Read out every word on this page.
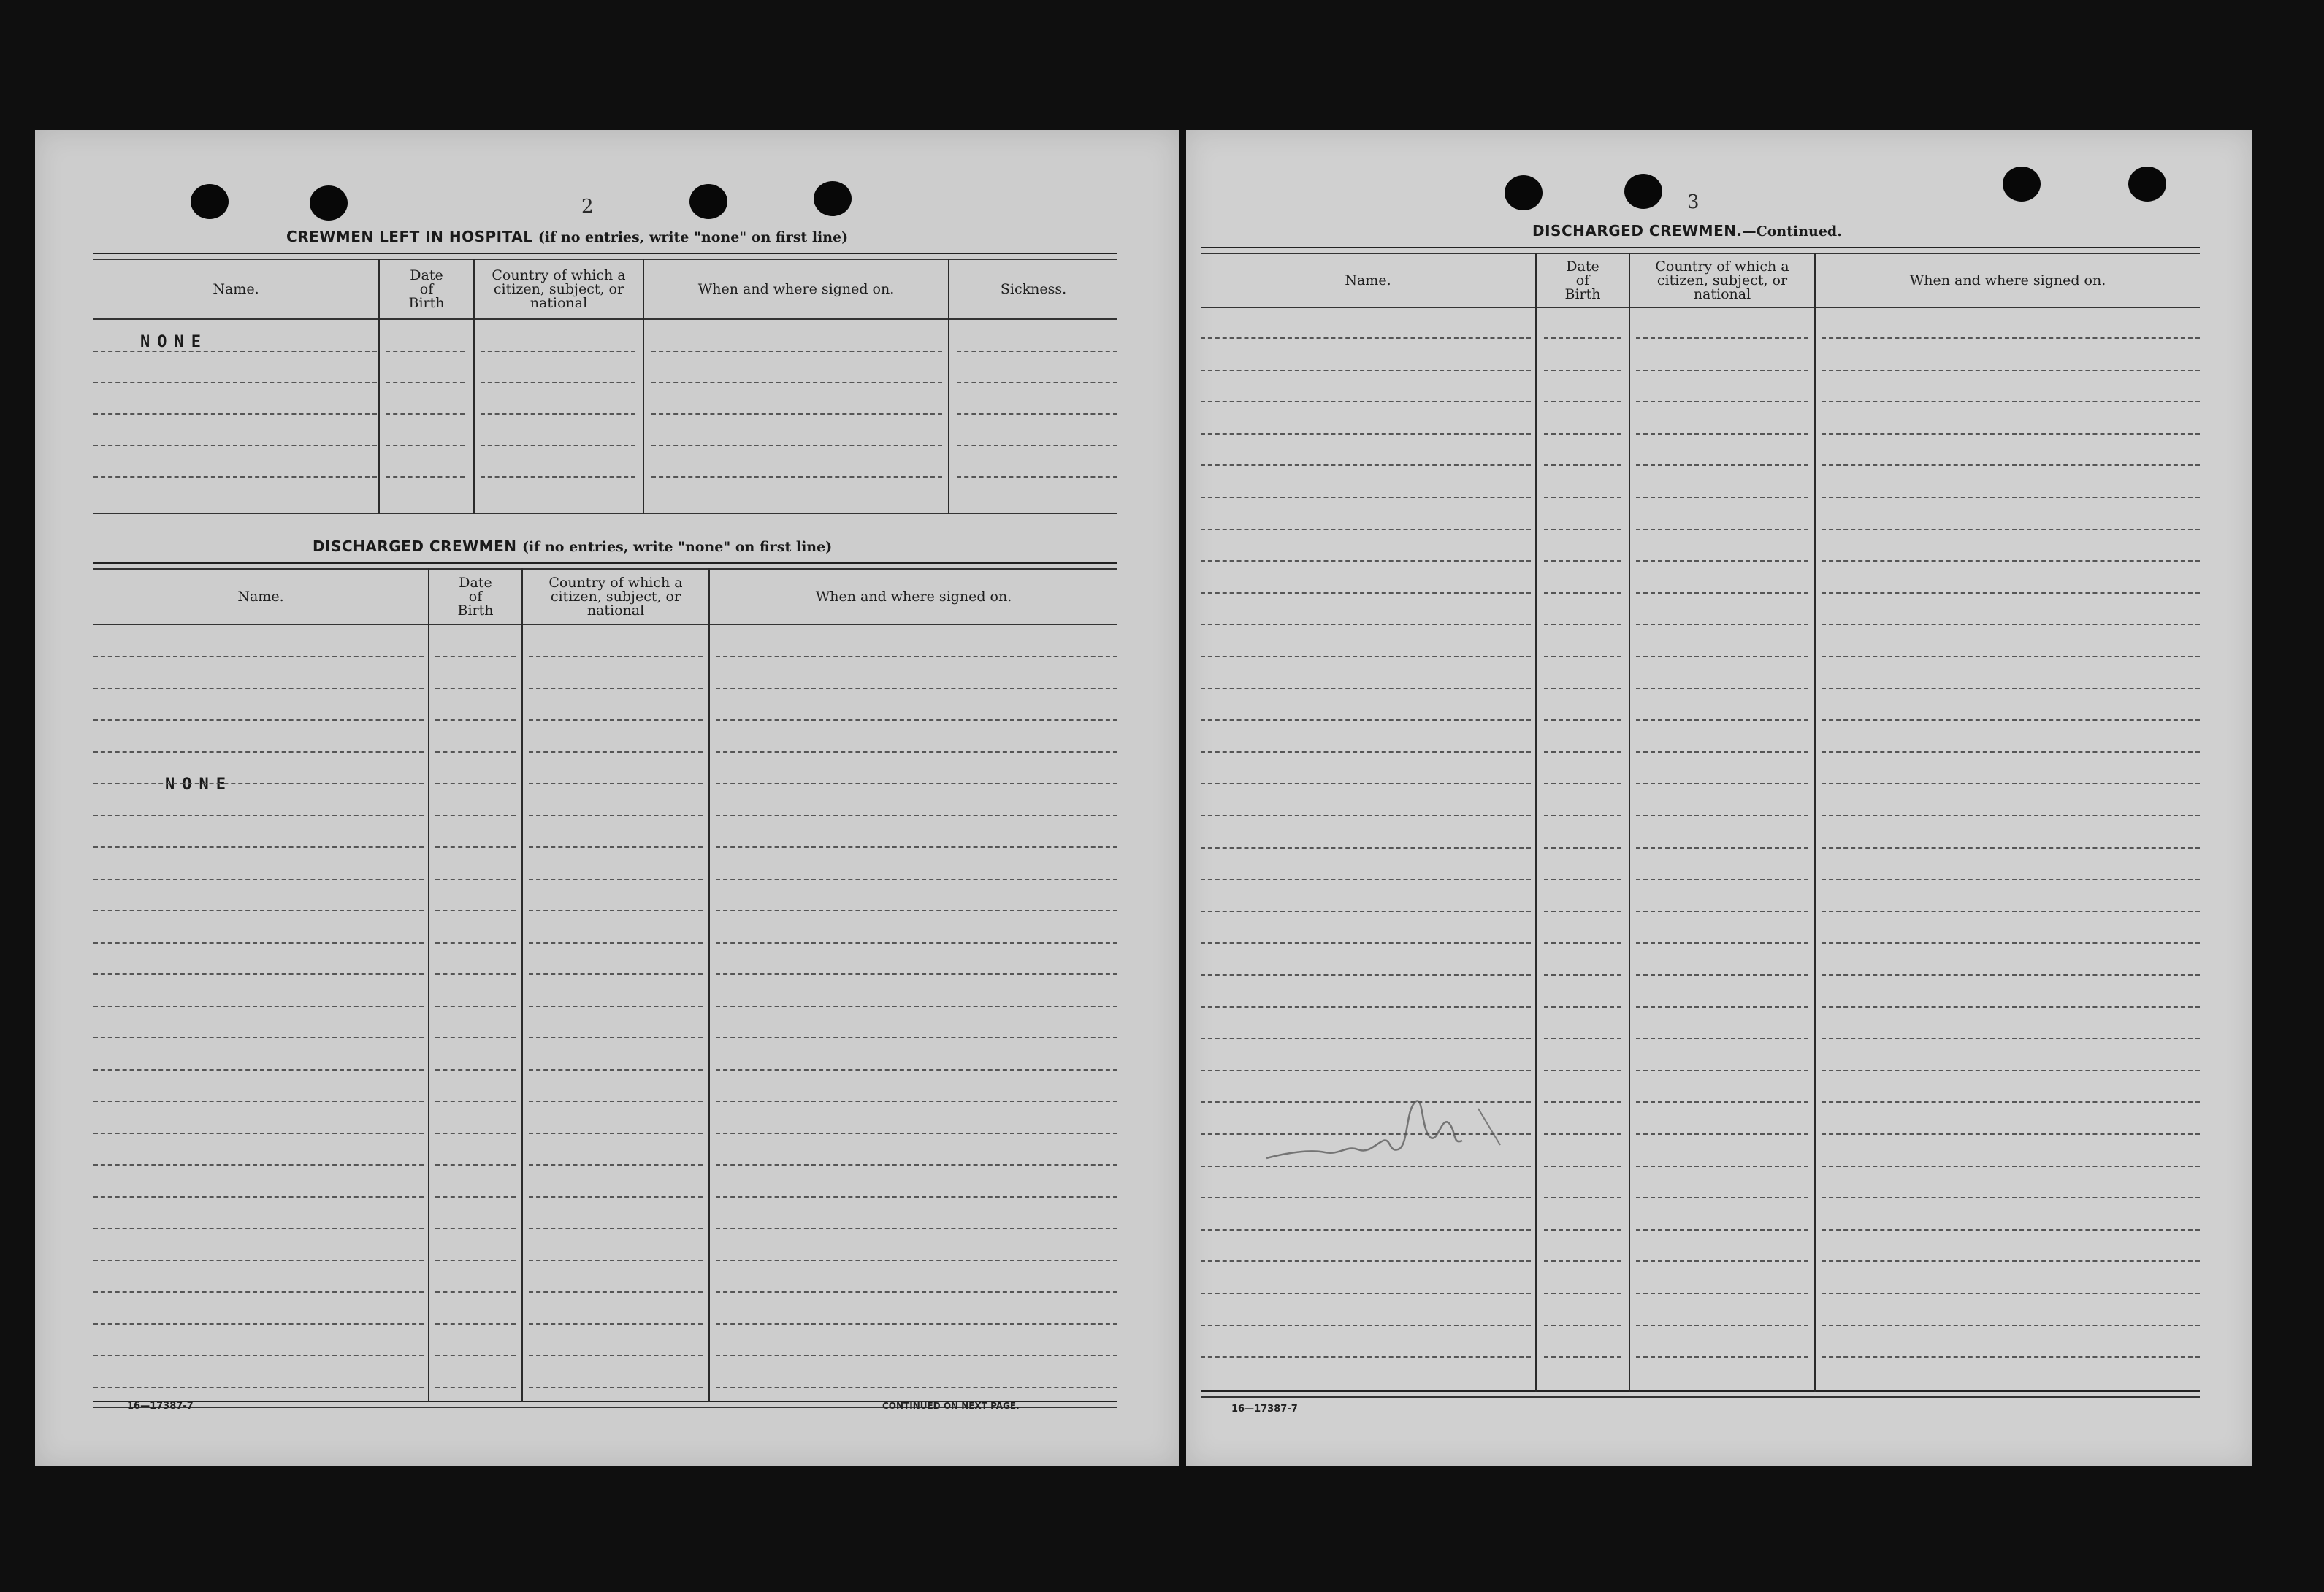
2
CREWMEN LEFT IN HOSPITAL (if no entries, write "none" on first line)
Name.
Date
of
Birth
Country of which a
citizen, subject, or
national
When and where signed on.	Sickness.
NONE
DISCHARGED CREWMEN (if no entries, write "none" on first line)
Name.
Date
of
Birth
Country of which a
citizen, subject, or
national
When and where signed on.
NONE
16—17387-7	CONTINUED ON NEXT PAGE.
3
DISCHARGED CREWMEN.—Continued.
Name.
Date
of
Birth
Country of which a
citizen, subject, or
national
When and where signed on.
16—17387-7
